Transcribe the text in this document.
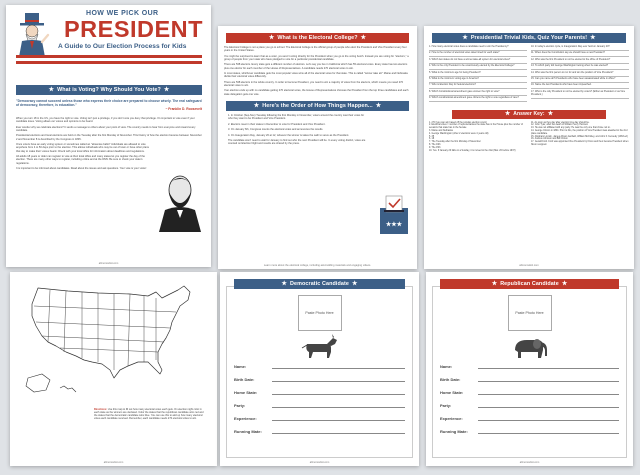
HOW WE PICK OUR
PRESIDENT
A Guide to Our Election Process for Kids
★ What is Voting? Why Should You Vote? ★
"Democracy cannot succeed unless those who express their choice are prepared to choose wisely. The real safeguard of democracy, therefore, is education."
~ Franklin D. Roosevelt

When you turn 18 in the US, you have the right to vote. Voting isn't just a privilege, if you don't vote you deny that privilege. It's important to vote even if your candidate loses. Voting allows our voices and opinions to be heard.

Ever wonder why we celebrate elections? It sends a message to others about your point of view. The country needs to hear from everyone and reward every candidate.

Presidential elections and local elections are held on the Tuesday after the first Monday of November. This history of how the election became between November 2 and November 8 is described by the Congress in 1845.

Once voters have an early voting system or sometimes called an "absentee ballot" individuals are allowed to vote anywhere from 4 to 50 days prior to the election. This allows individuals who may be out of town or have other plans that day to make their voices heard. Check with your local office for information about deadlines and regulations.

All adults 18 years or older can register to vote at their local office and many states let you register the day of the election. There are many other ways to register, including online and at the DMV. Be sure to check your state's regulations.

It is important to be informed about candidates. Read about the issues and ask questions. Your vote is your voice!

allmomsdoit.com
★ What is the Electoral College? ★

The Electoral College is not a place you go to school. The Electoral College is the official group of people who elect the President and Vice President every four years in the United States.

You might be surprised to learn that as a voter, you aren't voting directly for the President when you go to the voting booth. Instead you are voting for "electors," a group of people from your state who have pledged to vote for a particular presidential candidate.

There are 538 electors. Every state gets a different number of electors. Let's say you live in California which has 55 electoral votes. Every state has two electors plus one elector for each member of the House of Representatives. A candidate needs 270 electoral votes to win.

In most states, whichever candidate gets the most popular votes wins all of the electoral votes for that state. This is called "winner take all." Maine and Nebraska divide their electoral votes differently.

There are 538 electors in the whole country. In order to become President, you need to win a majority of votes from the electors, which means you need 270 electoral votes to win.

If an election ends up with no candidate getting 270 electoral votes, the House of Representatives chooses the President from the top three candidates and each state delegation gets one vote.

★ Here's the Order of How Things Happen... ★

1. In October (Sep-Nov) Tuesday following the first Monday in November, voters around the country cast their votes for who they want to be President and Vice President.

2. Electors meet in their states in December to vote for President and Vice President.

3. On January 6th, Congress counts the electoral votes and announces the results.

4. On Inauguration Day, January 20 at 12, whoever the winner is takes the oath to serve as the President.

The candidate won't need to wait for January to find out who the next President will be. In every voting district, votes are counted on Election Night and results are shared by the press.

★★★
Learn more about the electoral college, including ask-building materials and engaging videos.
★ Presidential Trivial Kids, Quiz Your Parents! ★
1. How many electoral votes does a candidate need to win the Presidency?
2. How is the number of electoral votes determined for each state?
3. Which two states do not have a winner-take-all system for electoral votes?
4. Who is the only President to be unanimously elected by the Electoral College?
5. What is the minimum age for being President?
6. What is the minimum voting age in America?
7. Who is Election Day for federal elections?
8. Which Constitutional amendment gave women the right to vote?
9. Which constitutional amendment gave citizens the right to vote regardless of race?
10. In today's election cycle, is Inauguration Day ever held on January 20?
11. When does the Constitution say we should have a new President?
12. Who was the first President to not be elected to the office of President?
13. To which party did George Washington belong when he was elected?
14. Who was the first person to run for and win the position of Vice President?
15. Can you name all 5 Presidents who have been assassinated while in office?
16. Name the two Presidents who have been impeached.
17. Who is the only President to not be elected by voters? (Either as President or as Vice President.)
★ Answer Key: ★
1. 270 (you can win based off the popular election count)
2. Electoral votes = number of representatives the state has in the House plus the number of senators that state has in the Senate
3. Maine and Nebraska
4. George Washington (other 2 elections were 4 years old)
5. 35
6. 18
7. The Tuesday after the first Monday of November
8. The 19th
9. The 15th
10. Yes. If January 20 falls on a Sunday, it is moved to the 21st (Mar. 20 before 1937)
11. As soon as they day after election time day should be.
12. John Tyler, after the death of William Henry Harrison
13. He was not affiliated with any party. He was the only one that chose not to.
14. George Clinton in 1804. Prior to this, the position of Vice President was awarded to the 2nd place candidate.
15. Abraham Lincoln, James Abram Garfield, William McKinley, and John F. Kennedy (1963 ed)
16. Andrew Johnson and Bill Clinton
17. Gerald Ford. Ford was appointed Vice President by Nixon and then became President when Nixon resigned.
allmomsdoit.com
Directions: Use this map to fill out how many electoral votes each gets. On election night color in each state as the winners are declared. Color the states that the republican candidate wins red and the states that the democratic candidate wins blue. You can use this to add up how many electoral votes each candidate received. Remember, each candidate needs 270 electoral votes to win.
allmomsdoit.com
★ Democratic Candidate ★
Paste Photo Here
Name:
Birth Date:
Home State:
Party:
Experience:
Running Mate:
allmomsdoit.com
★ Republican Candidate ★
Paste Photo Here
Name:
Birth Date:
Home State:
Party:
Experience:
Running Mate:
allmomsdoit.com
